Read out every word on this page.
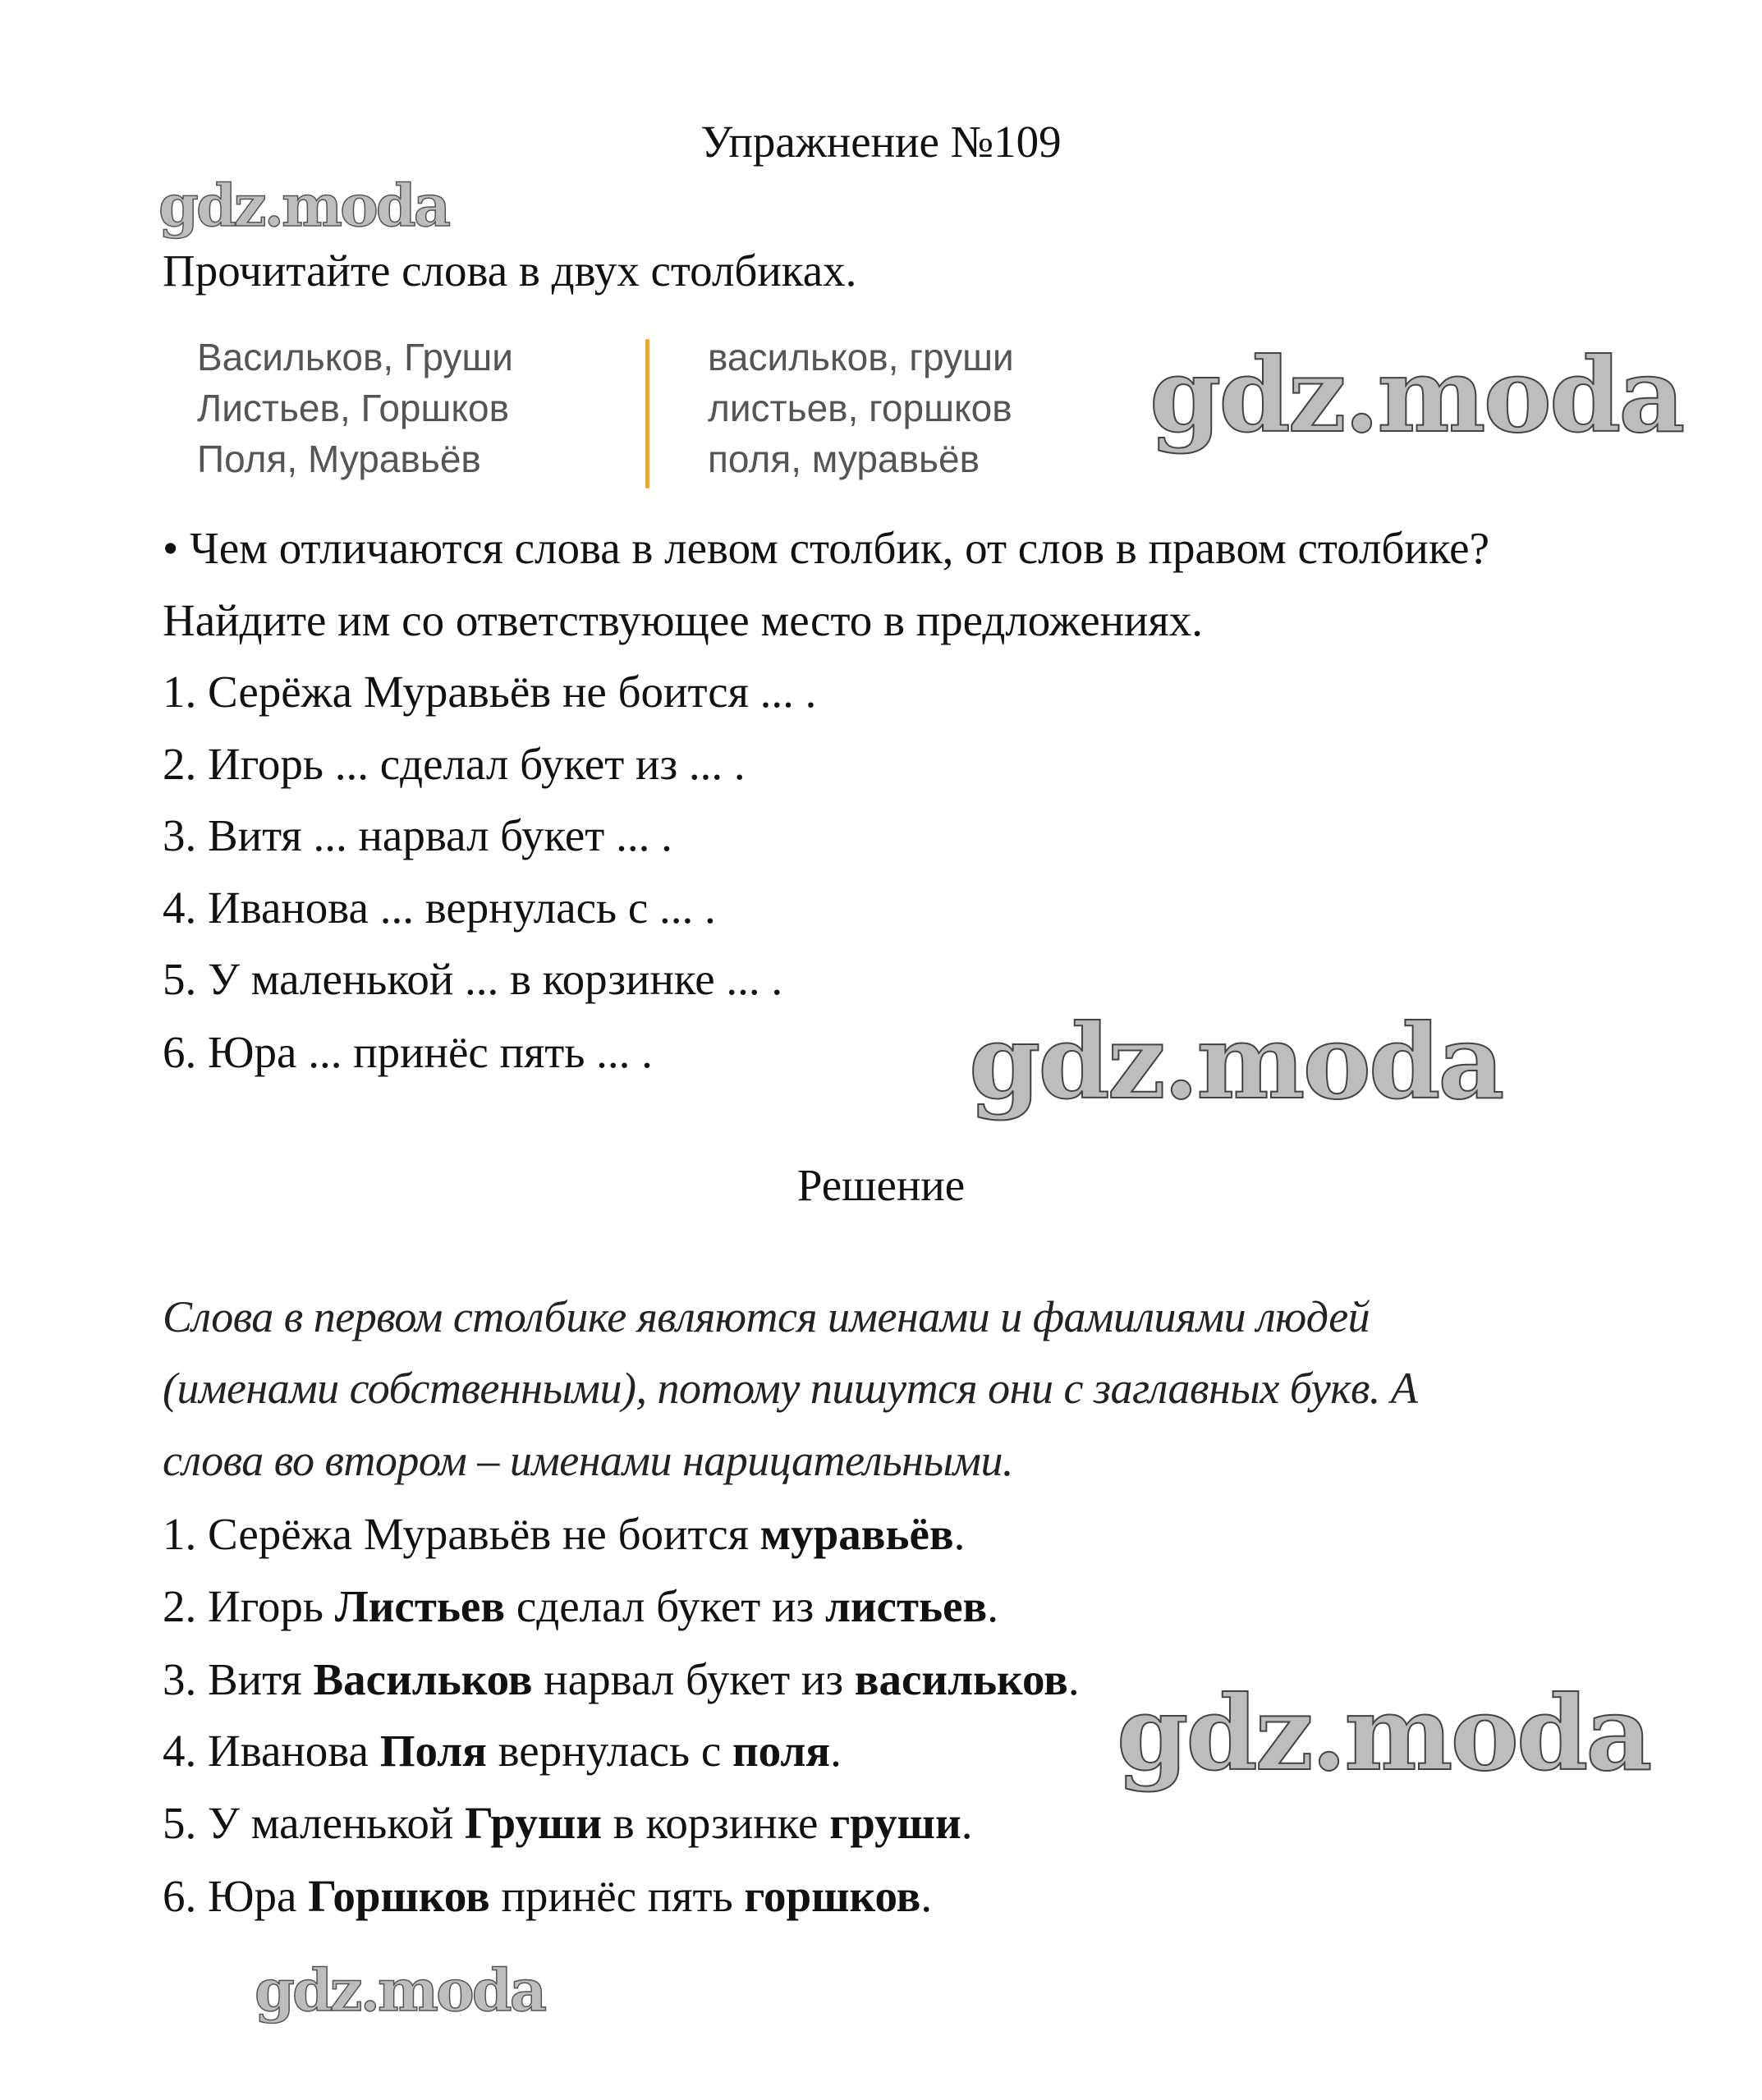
Упражнение №109
Прочитайте слова в двух столбиках.
Васильков, Груши
Листьев, Горшков
Поля, Муравьёв
васильков, груши
листьев, горшков
поля, муравьёв
• Чем отличаются слова в левом столбик, от слов в правом столбике?
Найдите им со ответствующее место в предложениях.
1. Серёжа Муравьёв не боится ... .
2. Игорь ... сделал букет из ... .
3. Витя ... нарвал букет ... .
4. Иванова ... вернулась с ... .
5. У маленькой ... в корзинке ... .
6. Юра ... принёс пять ... .
Решение
Слова в первом столбике являются именами и фамилиями людей
(именами собственными), потому пишутся они с заглавных букв. А
слова во втором – именами нарицательными.
1. Серёжа Муравьёв не боится муравьёв.
2. Игорь Листьев сделал букет из листьев.
3. Витя Васильков нарвал букет из васильков.
4. Иванова Поля вернулась с поля.
5. У маленькой Груши в корзинке груши.
6. Юра Горшков принёс пять горшков.
gdz.moda
gdz.moda
gdz.moda
gdz.moda
gdz.moda
